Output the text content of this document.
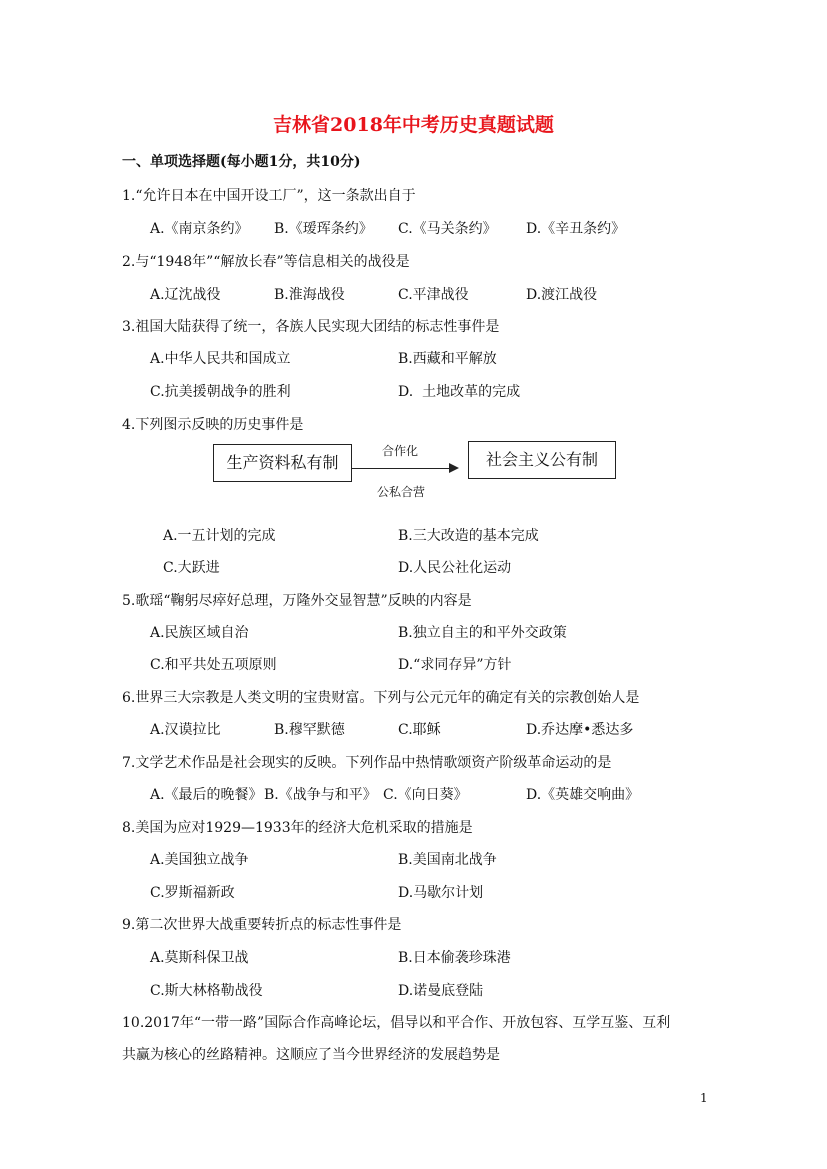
吉林省2018年中考历史真题试题
一、单项选择题(每小题1分，共10分)
1.“允许日本在中国开设工厂”，这一条款出自于
A.《南京条约》 B.《瑷珲条约》 C.《马关条约》 D.《辛丑条约》
2.与“1948年”“解放长春”等信息相关的战役是
A.辽沈战役	B.淮海战役	C.平津战役	D.渡江战役
3.祖国大陆获得了统一，各族人民实现大团结的标志性事件是
A.中华人民共和国成立	B.西藏和平解放
C.抗美援朝战争的胜利	D.  土地改革的完成
4.下列图示反映的历史事件是
生产资料私有制
合作化
公私合营
社会主义公有制
A.一五计划的完成	B.三大改造的基本完成
C.大跃进	D.人民公社化运动
5.歌瑶“鞠躬尽瘁好总理，万隆外交显智慧”反映的内容是
A.民族区域自治	B.独立自主的和平外交政策
C.和平共处五项原则	D.“求同存异”方针
6.世界三大宗教是人类文明的宝贵财富。下列与公元元年的确定有关的宗教创始人是
A.汉谟拉比	B.穆罕默德	C.耶稣	D.乔达摩•悉达多
7.文学艺术作品是社会现实的反映。下列作品中热情歌颂资产阶级革命运动的是
A.《最后的晚餐》 B.《战争与和平》 C.《向日葵》	D.《英雄交响曲》
8.美国为应对1929—1933年的经济大危机采取的措施是
A.美国独立战争	B.美国南北战争
C.罗斯福新政	D.马歇尔计划
9.第二次世界大战重要转折点的标志性事件是
A.莫斯科保卫战	B.日本偷袭珍珠港
C.斯大林格勒战役	D.诺曼底登陆
10.2017年“一带一路”国际合作高峰论坛，倡导以和平合作、开放包容、互学互鉴、互利
共赢为核心的丝路精神。这顺应了当今世界经济的发展趋势是
1
